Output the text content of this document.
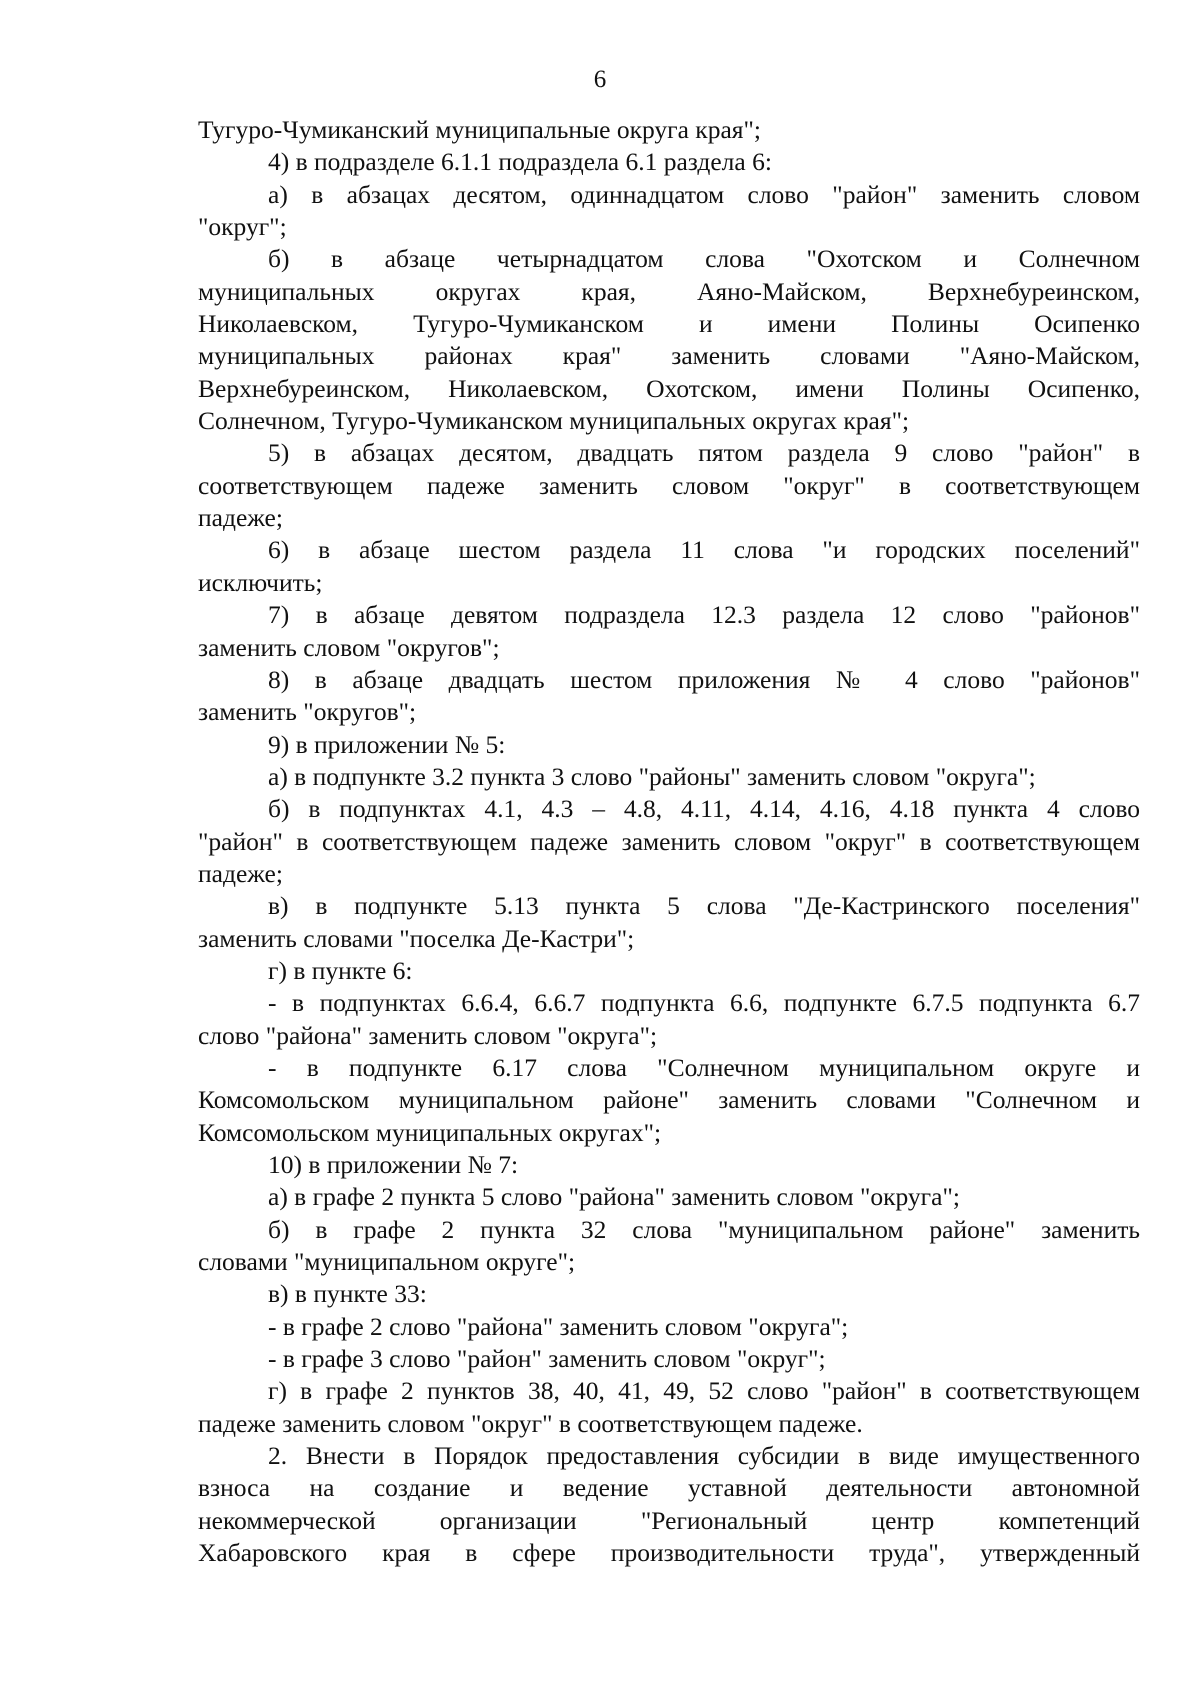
6
Тугуро-Чумиканский муниципальные округа края";
4) в подразделе 6.1.1 подраздела 6.1 раздела 6:
а) в абзацах десятом, одиннадцатом слово "район" заменить словом
"округ";
б) в абзаце четырнадцатом слова "Охотском и Солнечном
муниципальных округах края, Аяно-Майском, Верхнебуреинском,
Николаевском, Тугуро-Чумиканском и имени Полины Осипенко
муниципальных районах края" заменить словами "Аяно-Майском,
Верхнебуреинском, Николаевском, Охотском, имени Полины Осипенко,
Солнечном, Тугуро-Чумиканском муниципальных округах края";
5) в абзацах десятом, двадцать пятом раздела 9 слово "район" в
соответствующем падеже заменить словом "округ" в соответствующем
падеже;
6) в абзаце шестом раздела 11 слова "и городских поселений"
исключить;
7) в абзаце девятом подраздела 12.3 раздела 12 слово "районов"
заменить словом "округов";
8) в абзаце двадцать шестом приложения № 4 слово "районов"
заменить "округов";
9) в приложении № 5:
а) в подпункте 3.2 пункта 3 слово "районы" заменить словом "округа";
б) в подпунктах 4.1, 4.3 – 4.8, 4.11, 4.14, 4.16, 4.18 пункта 4 слово
"район" в соответствующем падеже заменить словом "округ" в соответствующем
падеже;
в) в подпункте 5.13 пункта 5 слова "Де-Кастринского поселения"
заменить словами "поселка Де-Кастри";
г) в пункте 6:
- в подпунктах 6.6.4, 6.6.7 подпункта 6.6, подпункте 6.7.5 подпункта 6.7
слово "района" заменить словом "округа";
- в подпункте 6.17 слова "Солнечном муниципальном округе и
Комсомольском муниципальном районе" заменить словами "Солнечном и
Комсомольском муниципальных округах";
10) в приложении № 7:
а) в графе 2 пункта 5 слово "района" заменить словом "округа";
б) в графе 2 пункта 32 слова "муниципальном районе" заменить
словами "муниципальном округе";
в) в пункте 33:
- в графе 2 слово "района" заменить словом "округа";
- в графе 3 слово "район" заменить словом "округ";
г) в графе 2 пунктов 38, 40, 41, 49, 52 слово "район" в соответствующем
падеже заменить словом "округ" в соответствующем падеже.
2. Внести в Порядок предоставления субсидии в виде имущественного
взноса на создание и ведение уставной деятельности автономной
некоммерческой организации "Региональный центр компетенций
Хабаровского края в сфере производительности труда", утвержденный
